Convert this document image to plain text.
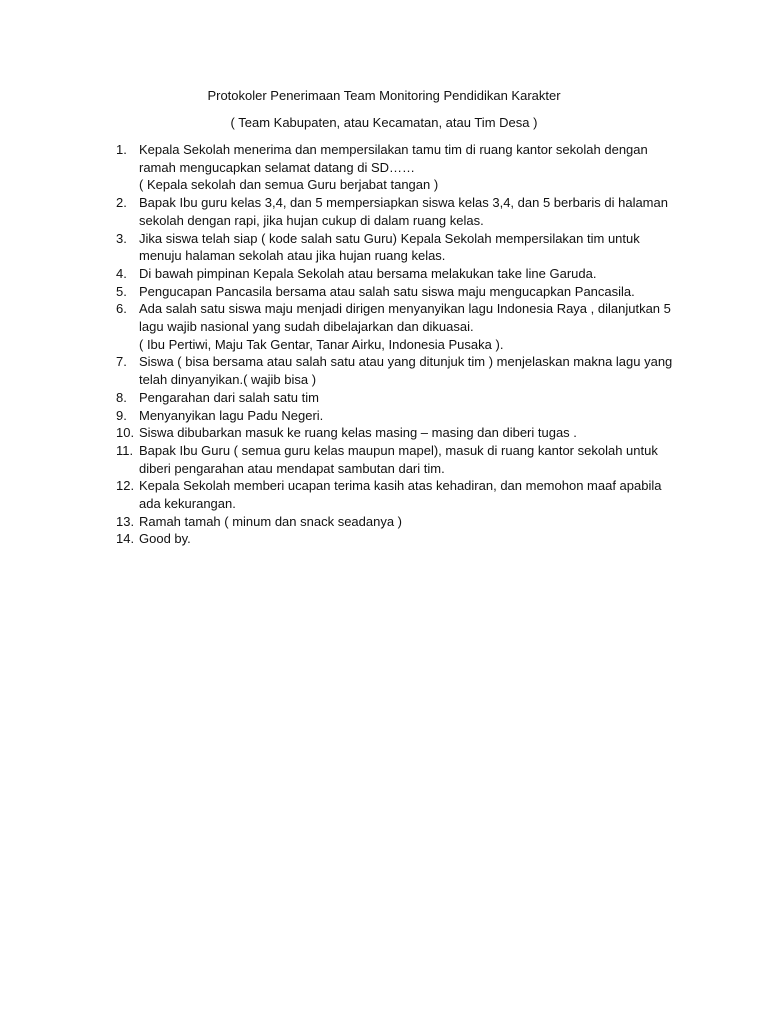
Protokoler Penerimaan Team Monitoring Pendidikan Karakter
( Team Kabupaten, atau Kecamatan, atau Tim Desa )
1. Kepala Sekolah menerima dan mempersilakan tamu tim di ruang kantor sekolah dengan
ramah mengucapkan selamat datang di SD……
( Kepala sekolah dan semua Guru berjabat tangan )
2. Bapak Ibu guru kelas 3,4, dan 5 mempersiapkan siswa kelas 3,4, dan 5 berbaris di halaman
sekolah dengan rapi, jika hujan cukup di dalam ruang kelas.
3. Jika siswa telah siap ( kode salah satu Guru) Kepala Sekolah mempersilakan tim untuk
menuju halaman sekolah atau jika hujan ruang kelas.
4. Di bawah pimpinan Kepala Sekolah atau bersama melakukan take line Garuda.
5. Pengucapan Pancasila bersama atau salah satu siswa maju mengucapkan Pancasila.
6. Ada salah satu siswa maju menjadi dirigen menyanyikan lagu Indonesia Raya , dilanjutkan 5
lagu wajib nasional yang sudah dibelajarkan dan dikuasai.
( Ibu Pertiwi, Maju Tak Gentar, Tanar Airku, Indonesia Pusaka ).
7. Siswa ( bisa bersama atau salah satu atau yang ditunjuk tim ) menjelaskan makna lagu yang
telah dinyanyikan.( wajib bisa )
8. Pengarahan dari salah satu tim
9. Menyanyikan lagu Padu Negeri.
10. Siswa dibubarkan masuk ke ruang kelas masing – masing dan diberi tugas .
11. Bapak Ibu Guru ( semua guru kelas maupun mapel), masuk di ruang kantor sekolah untuk
diberi pengarahan atau mendapat sambutan dari tim.
12. Kepala Sekolah memberi ucapan terima kasih atas kehadiran, dan memohon maaf apabila
ada kekurangan.
13. Ramah tamah ( minum dan snack seadanya )
14. Good by.
